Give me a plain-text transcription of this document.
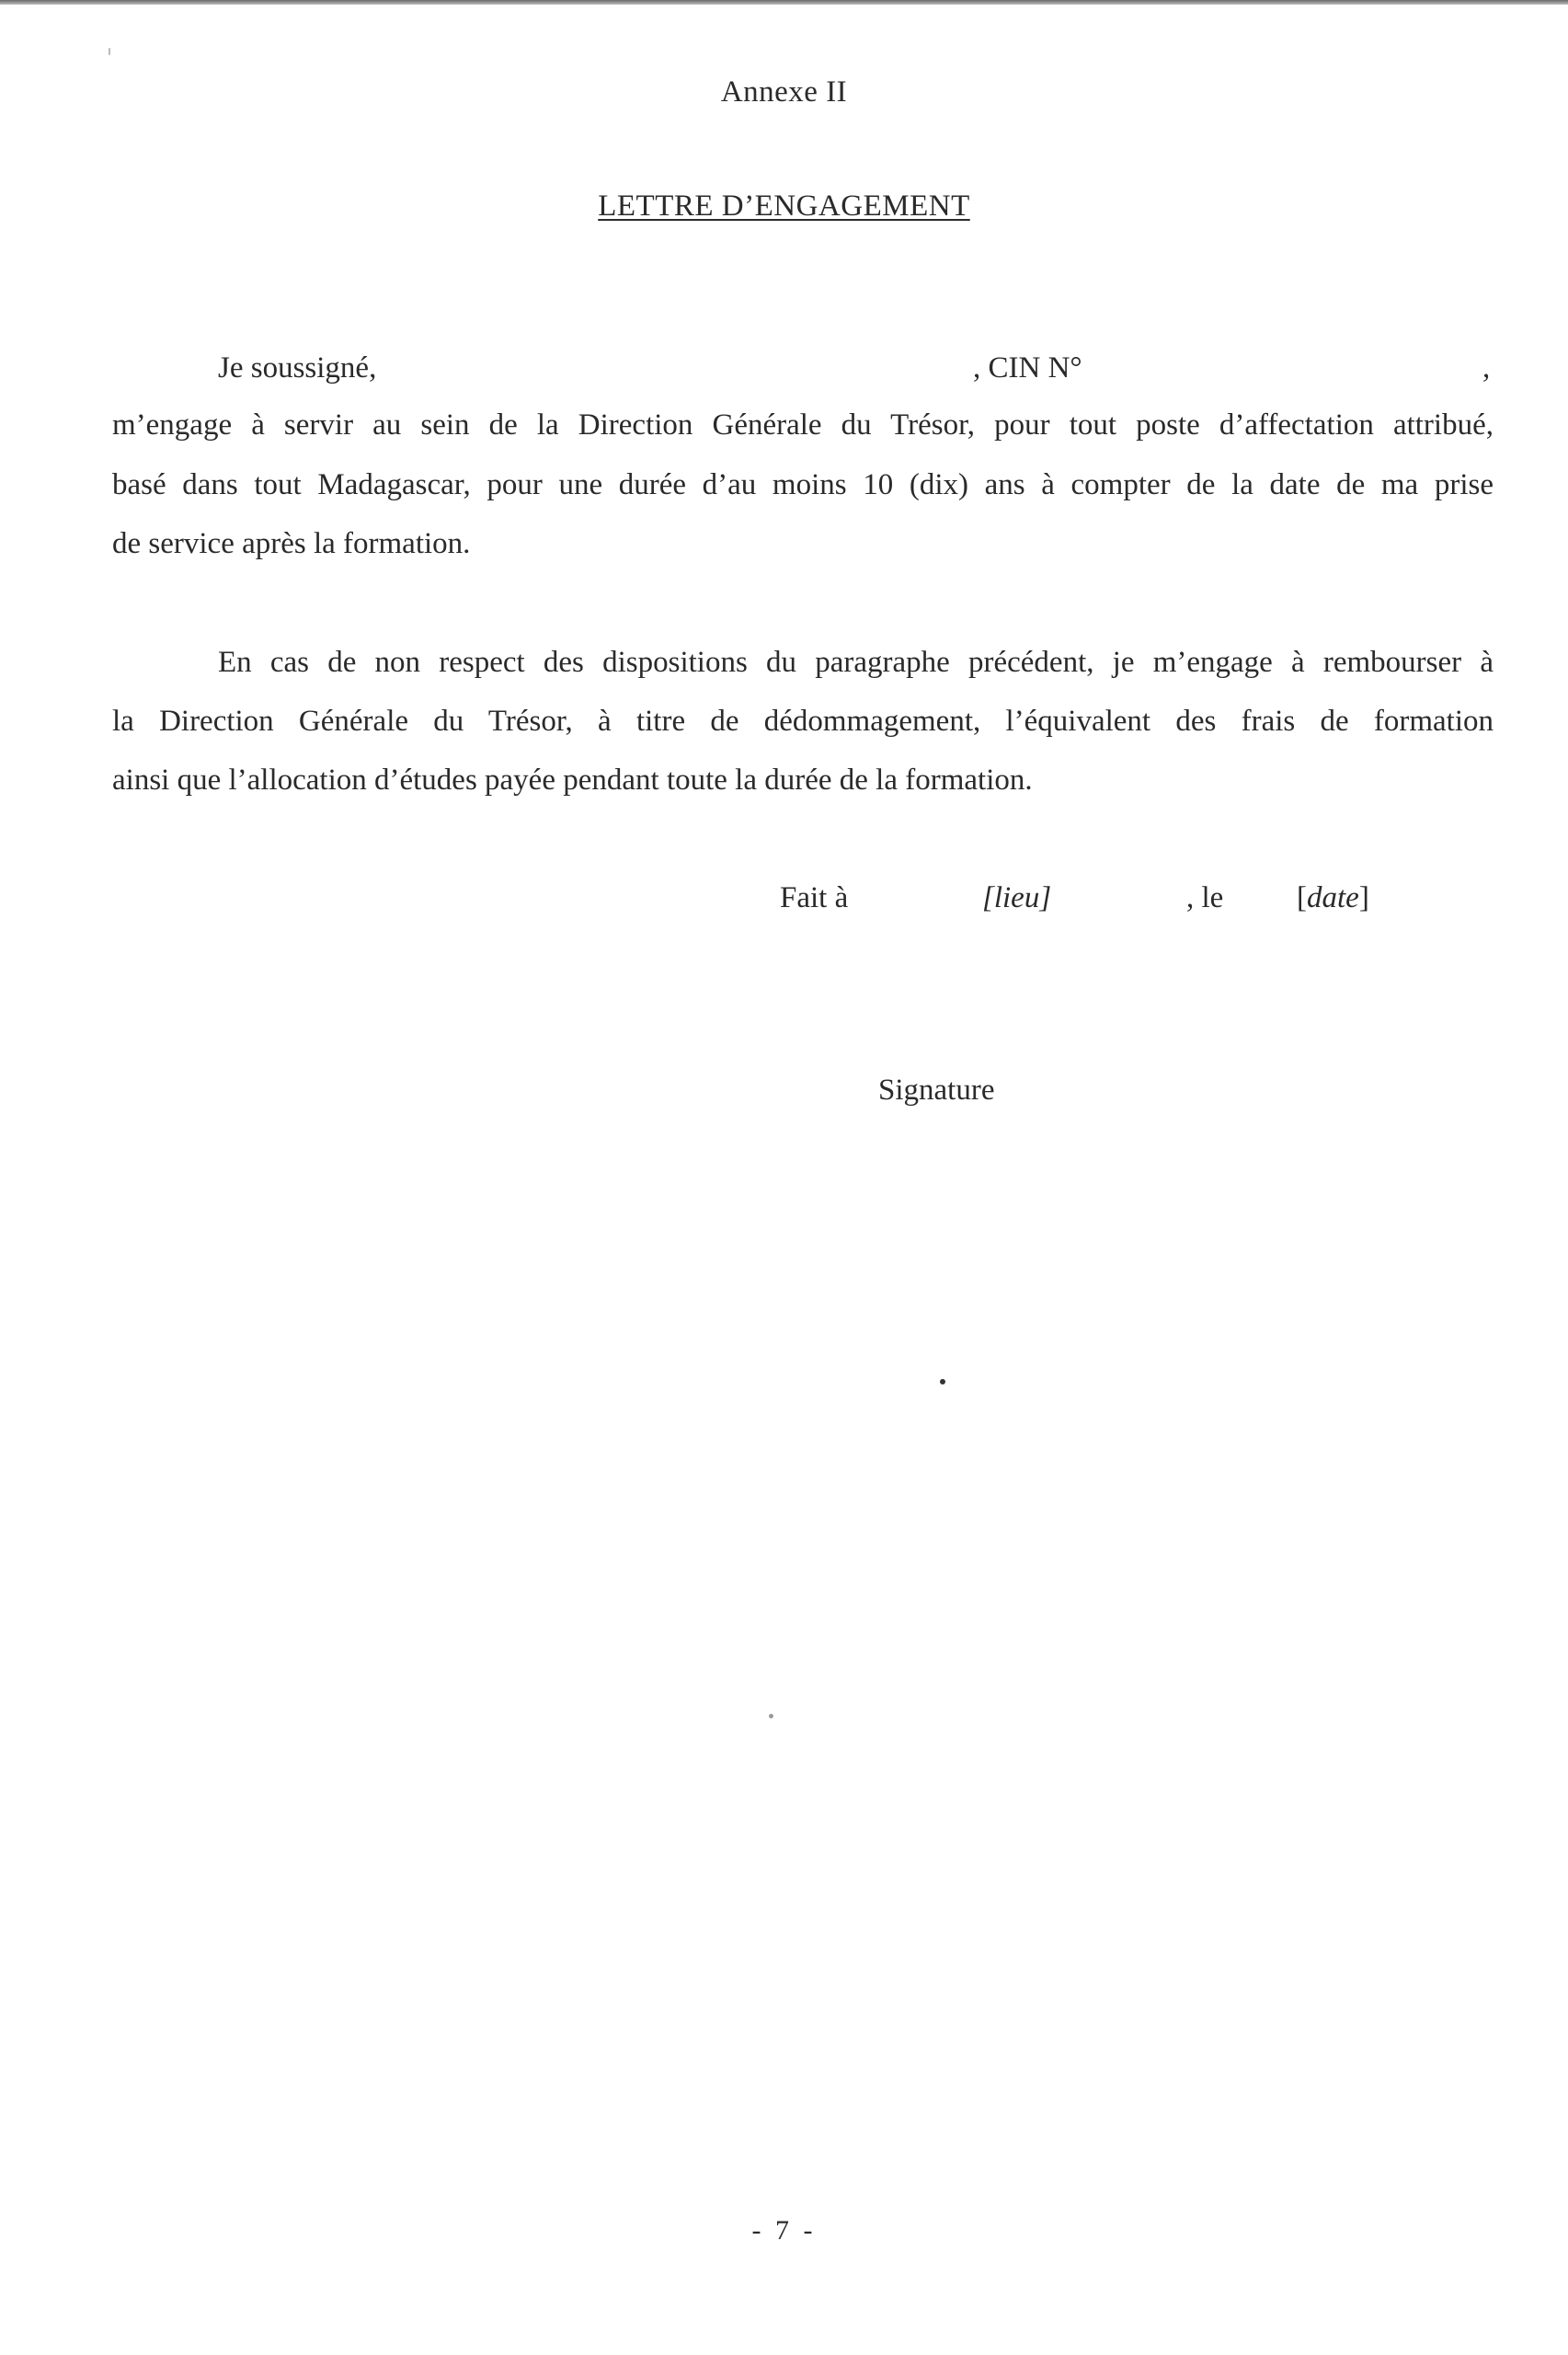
Annexe II
LETTRE D’ENGAGEMENT
Je soussigné,	, CIN N°	,
m’engage à servir au sein de la Direction Générale du Trésor, pour tout poste d’affectation attribué,
basé dans tout Madagascar, pour une durée d’au moins 10 (dix) ans à compter de la date de ma prise
de service après la formation.
En cas de non respect des dispositions du paragraphe précédent, je m’engage à rembourser à
la Direction Générale du Trésor, à titre de dédommagement, l’équivalent des frais de formation
ainsi que l’allocation d’études payée pendant toute la durée de la formation.
Fait à	[lieu]	, le [date]
Signature
- 7 -
